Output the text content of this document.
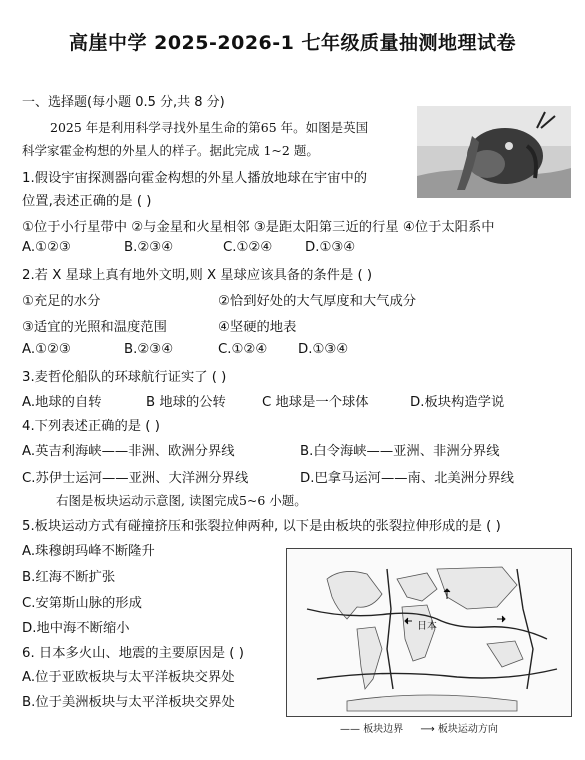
高崖中学 2025-2026-1 七年级质量抽测地理试卷
一、选择题(每小题 0.5 分,共 8 分)
2025 年是利用科学寻找外星生命的第65 年。如图是英国
科学家霍金构想的外星人的样子。据此完成 1~2 题。
1.假设宇宙探测器向霍金构想的外星人播放地球在宇宙中的
位置,表述正确的是 ( )
①位于小行星带中 ②与金星和火星相邻 ③是距太阳第三近的行星 ④位于太阳系中
A.①②③	B.②③④	C.①②④ D.①③④
2.若 X 星球上真有地外文明,则 X 星球应该具备的条件是 ( )
①充足的水分	②恰到好处的大气厚度和大气成分
③适宜的光照和温度范围	④坚硬的地表
A.①②③	B.②③④	C.①②④ D.①③④
3.麦哲伦船队的环球航行证实了 ( )
A.地球的自转	B 地球的公转	C 地球是一个球体	D.板块构造学说
4.下列表述正确的是 ( )
A.英吉利海峡——非洲、欧洲分界线	B.白令海峡——亚洲、非洲分界线
C.苏伊士运河——亚洲、大洋洲分界线	D.巴拿马运河——南、北美洲分界线
右图是板块运动示意图, 读图完成5~6 小题。
5.板块运动方式有碰撞挤压和张裂拉伸两种, 以下是由板块的张裂拉伸形成的是 ( )
A.珠穆朗玛峰不断隆升
B.红海不断扩张
C.安第斯山脉的形成
D.地中海不断缩小
6. 日本多火山、地震的主要原因是 ( )
A.位于亚欧板块与太平洋板块交界处
B.位于美洲板块与太平洋板块交界处
日本
—— 板块边界 ⟶ 板块运动方向
